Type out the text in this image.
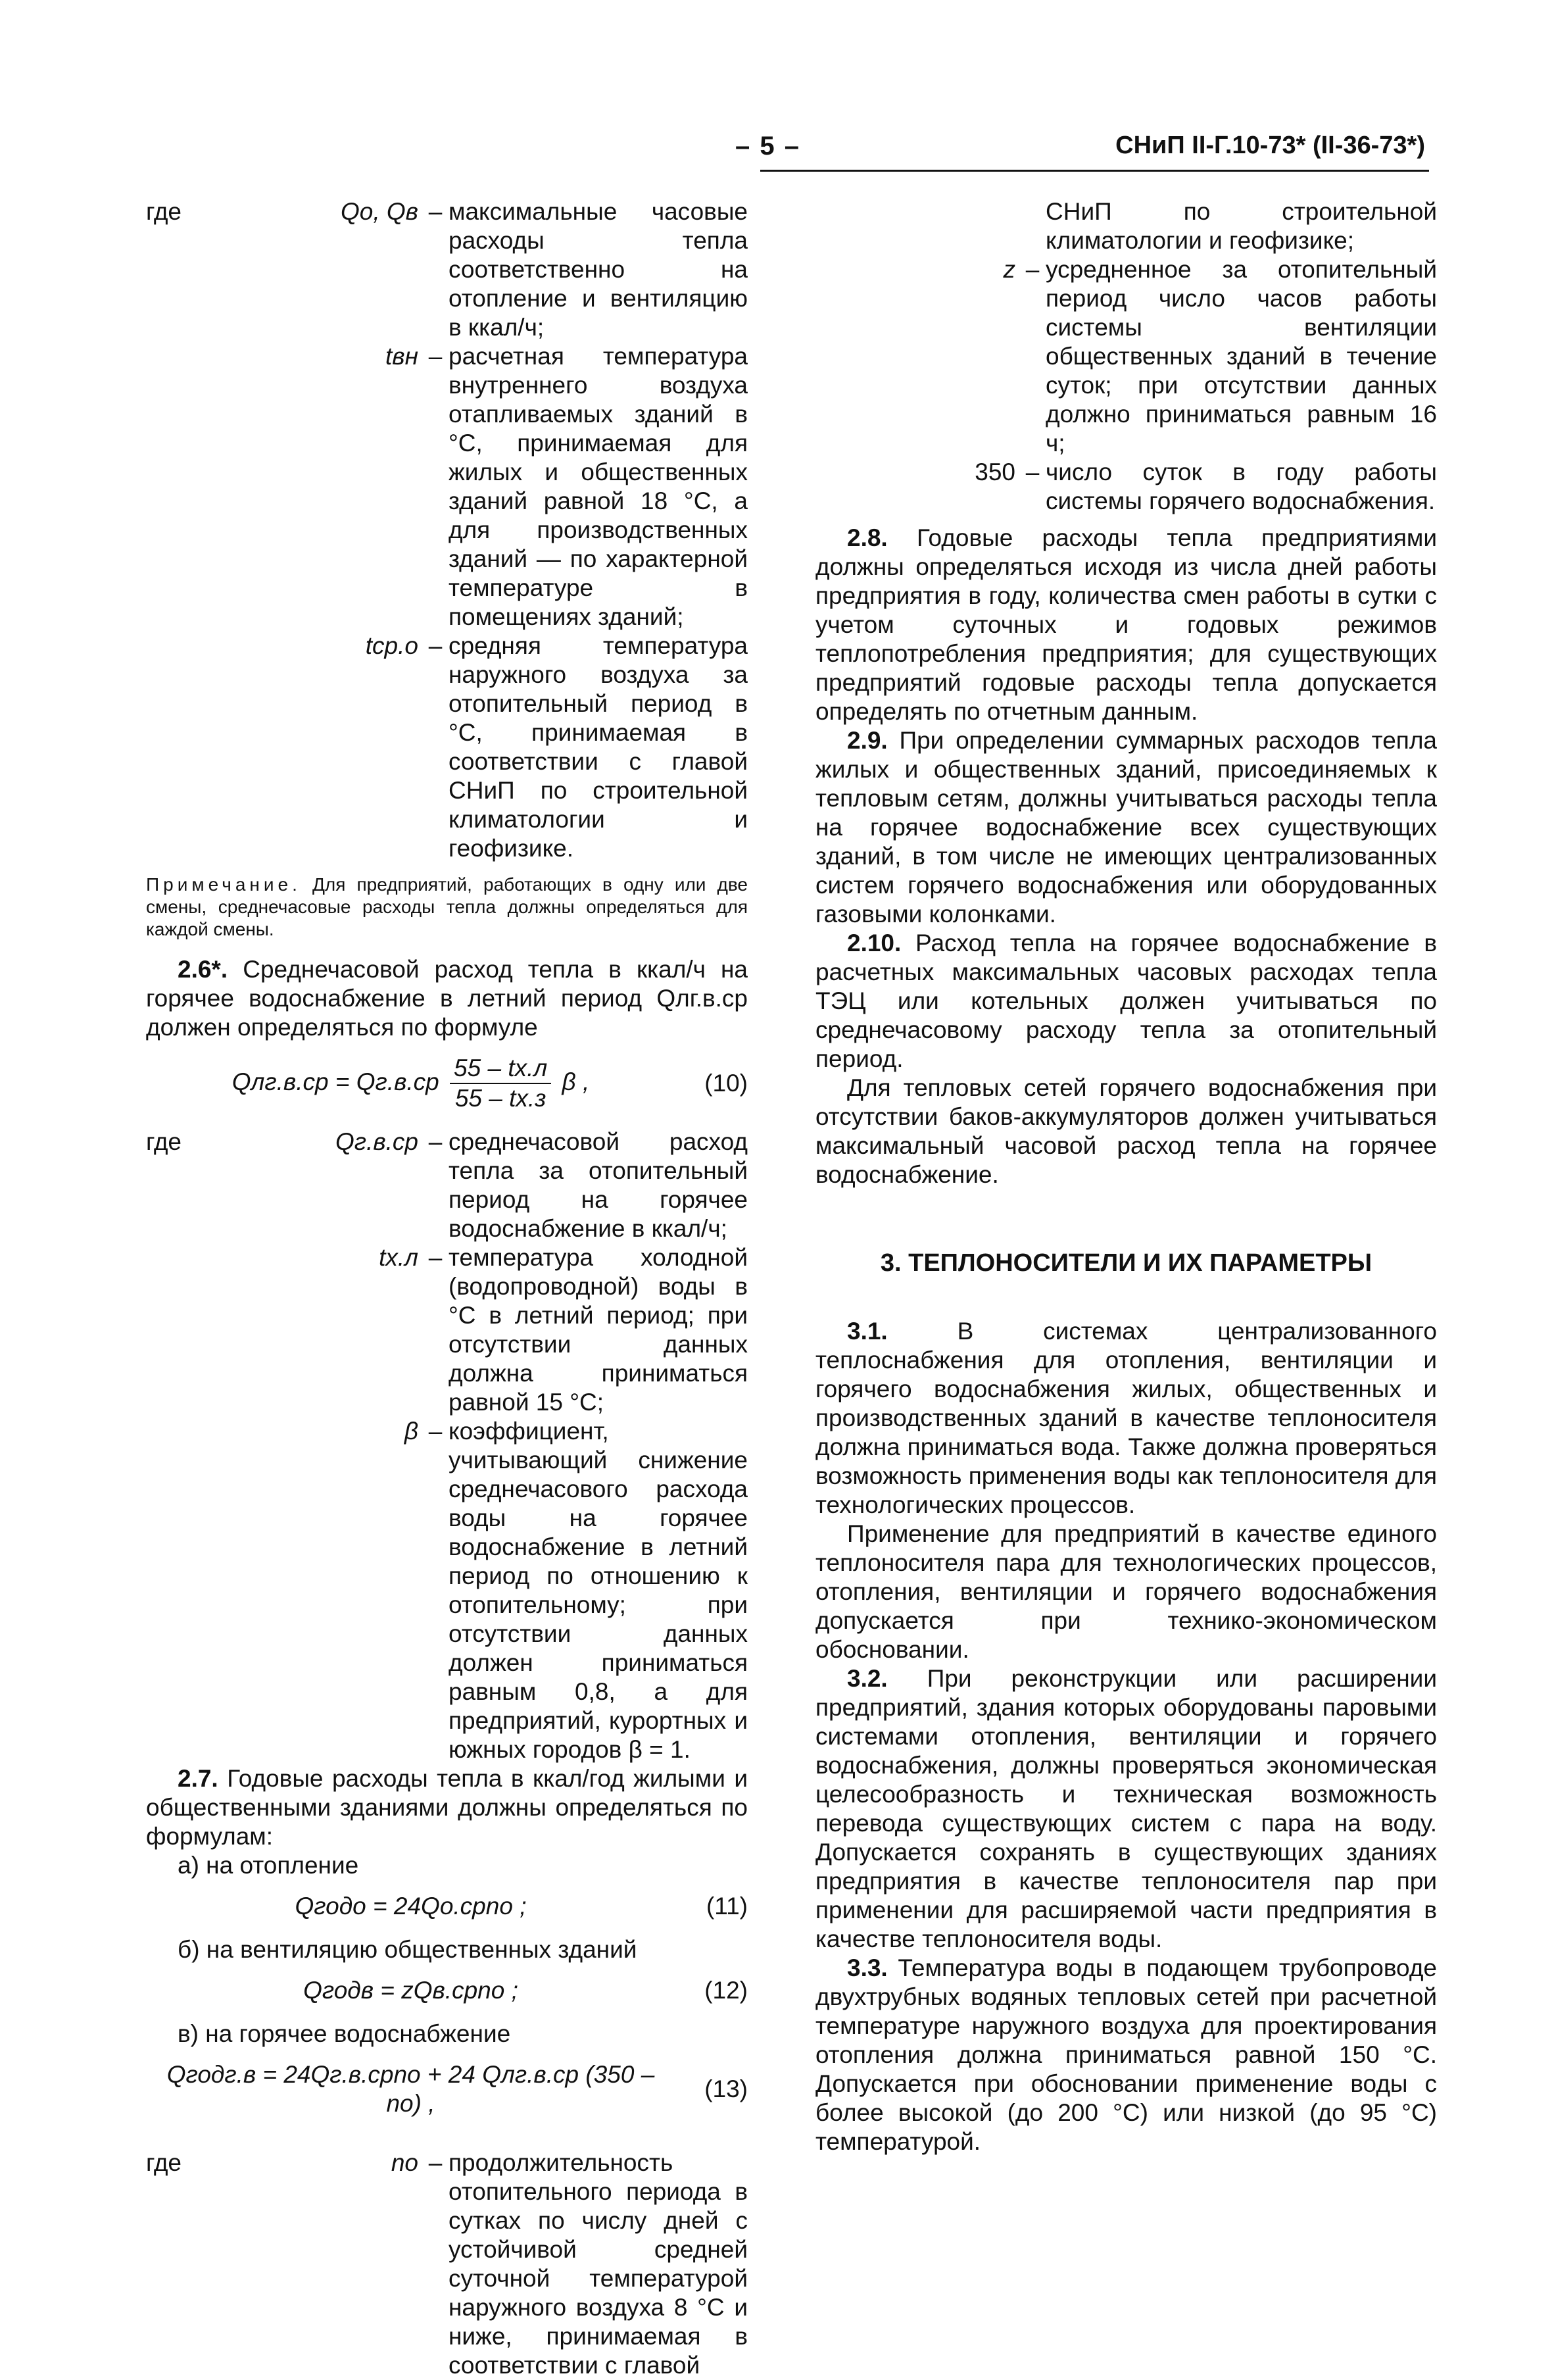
– 5 –	СНиП II-Г.10-73* (II-36-73*)
где	Qo, Qв – максимальные часовые расходы тепла соответственно на отопление и вентиляцию в ккал/ч;
tвн – расчетная температура внутреннего воздуха отапливаемых зданий в °С, принимаемая для жилых и общественных зданий равной 18 °С, а для производственных зданий — по характерной температуре в помещениях зданий;
tср.о – средняя температура наружного воздуха за отопительный период в °С, принимаемая в соответствии с главой СНиП по строительной климатологии и геофизике.

Примечание. Для предприятий, работающих в одну или две смены, среднечасовые расходы тепла должны определяться для каждой смены.

2.6*. Среднечасовой расход тепла в ккал/ч на горячее водоснабжение в летний период Qлг.в.ср должен определяться по формуле

$Qлг.в.ср = Qг.в.ср \frac{55 - tх.л}{55 - tх.з}$ β ,	(10)
где	Qг.в.ср – среднечасовой расход тепла за отопительный период на горячее водоснабжение в ккал/ч;
tх.л – температура холодной (водопроводной) воды в °С в летний период; при отсутствии данных должна приниматься равной 15 °С;
β – коэффициент, учитывающий снижение среднечасового расхода воды на горячее водоснабжение в летний период по отношению к отопительному; при отсутствии данных должен приниматься равным 0,8, а для предприятий, курортных и южных городов β = 1.

2.7. Годовые расходы тепла в ккал/год жилыми и общественными зданиями должны определяться по формулам:

а) на отопление

Qгодo = 24Qo.срno ;	(11)

б) на вентиляцию общественных зданий

Qгодв = zQв.срno ;	(12)

в) на горячее водоснабжение

Qгодг.в = 24Qг.в.срno + 24 Qлг.в.ср (350 – no) ,
(13)
где	no – продолжительность отопительного периода в сутках по числу дней с устойчивой средней суточной температурой наружного воздуха 8 °С и ниже, принимаемая в соответствии с главой
СНиП по строительной климатологии и геофизике;
z – усредненное за отопительный период число часов работы системы вентиляции общественных зданий в течение суток; при отсутствии данных должно приниматься равным 16 ч;
350 – число суток в году работы системы горячего водоснабжения.

2.8. Годовые расходы тепла предприятиями должны определяться исходя из числа дней работы предприятия в году, количества смен работы в сутки с учетом суточных и годовых режимов теплопотребления предприятия; для существующих предприятий годовые расходы тепла допускается определять по отчетным данным.

2.9. При определении суммарных расходов тепла жилых и общественных зданий, присоединяемых к тепловым сетям, должны учитываться расходы тепла на горячее водоснабжение всех существующих зданий, в том числе не имеющих централизованных систем горячего водоснабжения или оборудованных газовыми колонками.

2.10. Расход тепла на горячее водоснабжение в расчетных максимальных часовых расходах тепла ТЭЦ или котельных должен учитываться по среднечасовому расходу тепла за отопительный период.

Для тепловых сетей горячего водоснабжения при отсутствии баков-аккумуляторов должен учитываться максимальный часовой расход тепла на горячее водоснабжение.

3. ТЕПЛОНОСИТЕЛИ И ИХ ПАРАМЕТРЫ

3.1.	В системах централизованного теплоснабжения для отопления, вентиляции и горячего водоснабжения жилых, общественных и производственных зданий в качестве теплоносителя должна приниматься вода. Также должна проверяться возможность применения воды как теплоносителя для технологических процессов.

Применение для предприятий в качестве единого теплоносителя пара для технологических процессов, отопления, вентиляции и горячего водоснабжения допускается при технико-экономическом обосновании.

3.2. При реконструкции или расширении предприятий, здания которых оборудованы паровыми системами отопления, вентиляции и горячего водоснабжения, должны проверяться экономическая целесообразность и техническая возможность перевода существующих систем с пара на воду. Допускается сохранять в существующих зданиях предприятия в качестве теплоносителя пар при применении для расширяемой части предприятия в качестве теплоносителя воды.

3.3. Температура воды в подающем трубопроводе двухтрубных водяных тепловых сетей при расчетной температуре наружного воздуха для проектирования отопления должна приниматься равной 150 °С. Допускается при обосновании применение воды с более высокой (до 200 °С) или низкой (до 95 °С) температурой.
